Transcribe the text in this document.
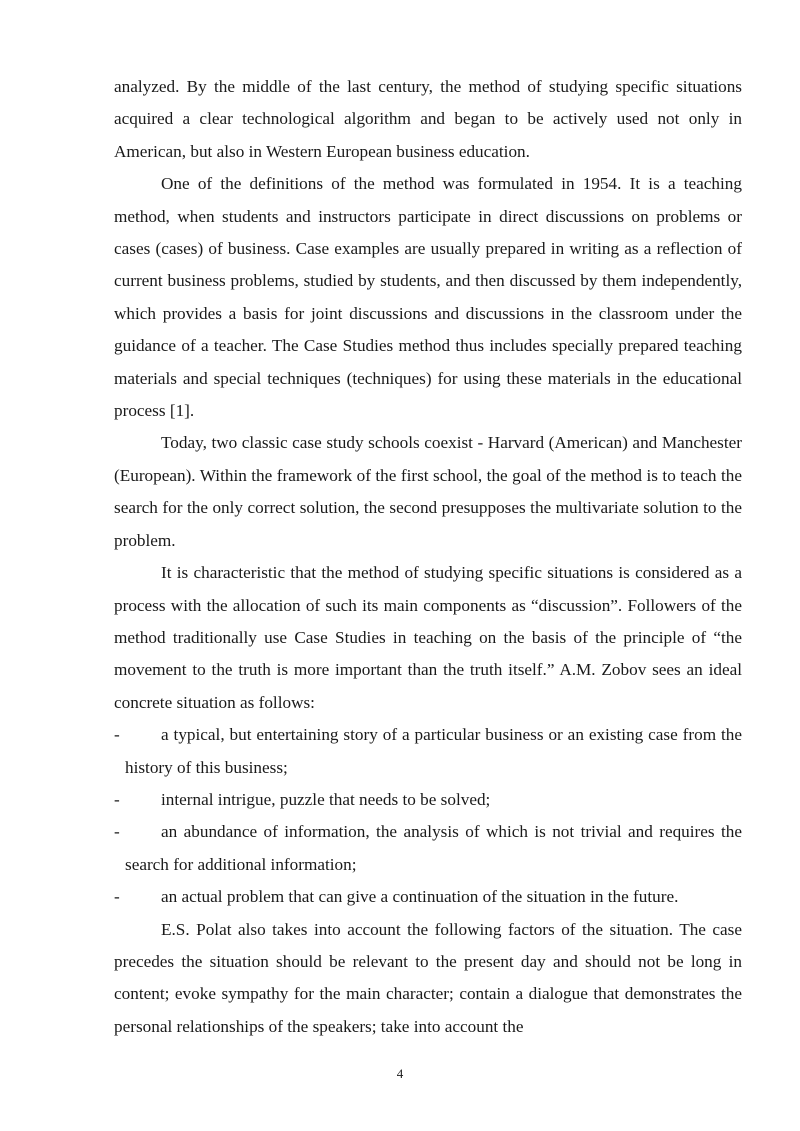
analyzed. By the middle of the last century, the method of studying specific situations acquired a clear technological algorithm and began to be actively used not only in American, but also in Western European business education.

One of the definitions of the method was formulated in 1954. It is a teaching method, when students and instructors participate in direct discussions on problems or cases (cases) of business. Case examples are usually prepared in writing as a reflection of current business problems, studied by students, and then discussed by them independently, which provides a basis for joint discussions and discussions in the classroom under the guidance of a teacher. The Case Studies method thus includes specially prepared teaching materials and special techniques (techniques) for using these materials in the educational process [1].

Today, two classic case study schools coexist - Harvard (American) and Manchester (European). Within the framework of the first school, the goal of the method is to teach the search for the only correct solution, the second presupposes the multivariate solution to the problem.

It is characteristic that the method of studying specific situations is considered as a process with the allocation of such its main components as “discussion”. Followers of the method traditionally use Case Studies in teaching on the basis of the principle of “the movement to the truth is more important than the truth itself.” A.M. Zobov sees an ideal concrete situation as follows:

- a typical, but entertaining story of a particular business or an existing case from the history of this business;

- internal intrigue, puzzle that needs to be solved;

- an abundance of information, the analysis of which is not trivial and requires the search for additional information;

- an actual problem that can give a continuation of the situation in the future.

E.S. Polat also takes into account the following factors of the situation. The case precedes the situation should be relevant to the present day and should not be long in content; evoke sympathy for the main character; contain a dialogue that demonstrates the personal relationships of the speakers; take into account the

4
